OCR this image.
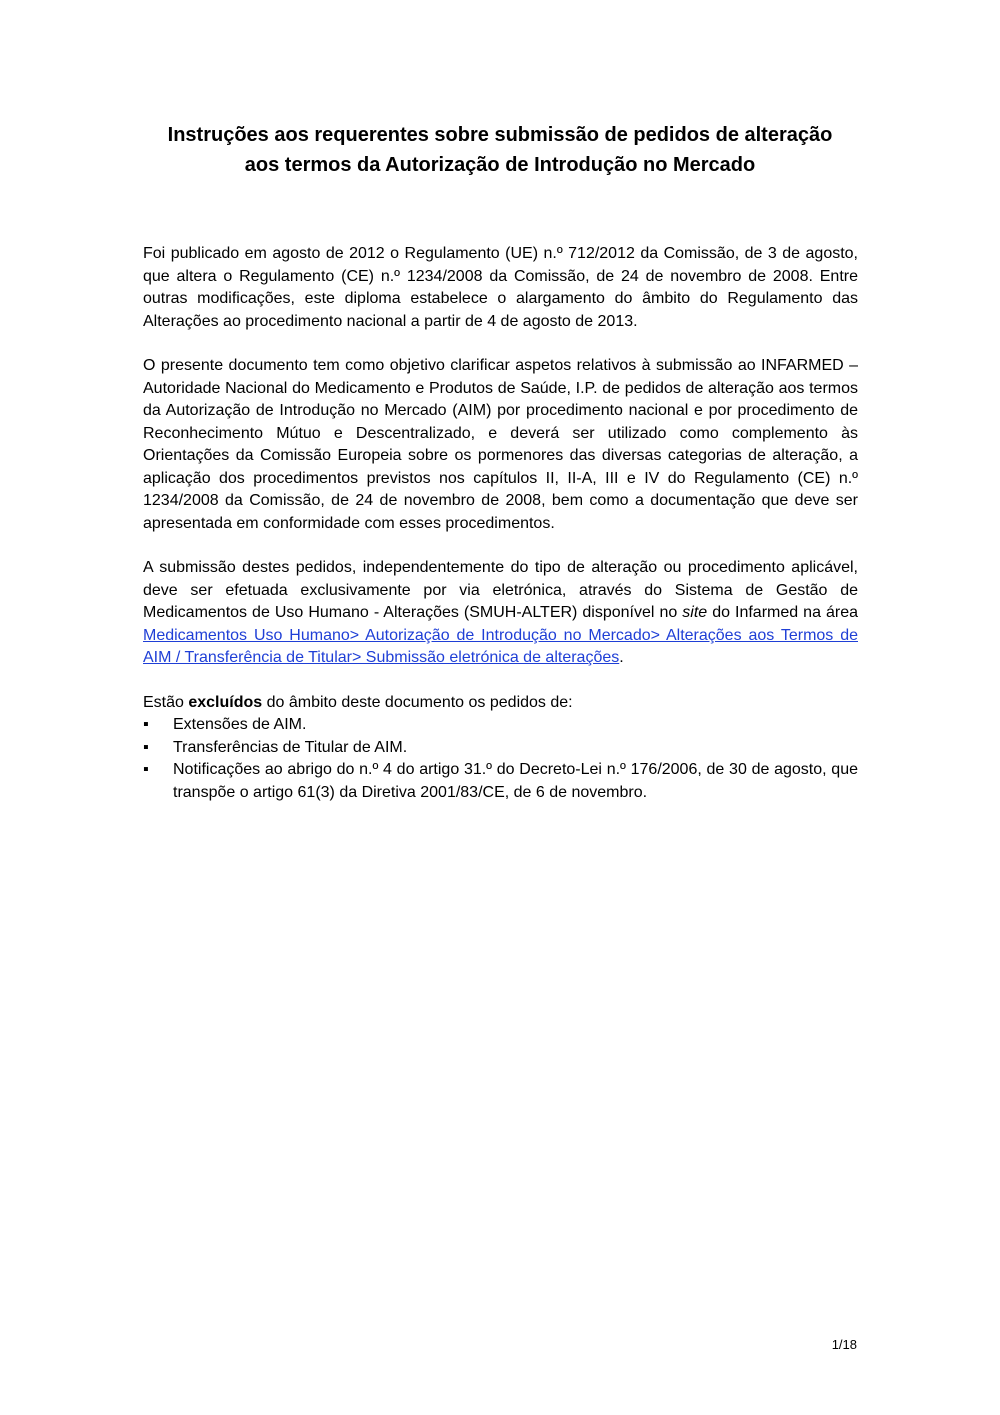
Instruções aos requerentes sobre submissão de pedidos de alteração
aos termos da Autorização de Introdução no Mercado

Foi publicado em agosto de 2012 o Regulamento (UE) n.º 712/2012 da Comissão, de 3 de agosto, que altera o Regulamento (CE) n.º 1234/2008 da Comissão, de 24 de novembro de 2008. Entre outras modificações, este diploma estabelece o alargamento do âmbito do Regulamento das Alterações ao procedimento nacional a partir de 4 de agosto de 2013.

O presente documento tem como objetivo clarificar aspetos relativos à submissão ao INFARMED – Autoridade Nacional do Medicamento e Produtos de Saúde, I.P. de pedidos de alteração aos termos da Autorização de Introdução no Mercado (AIM) por procedimento nacional e por procedimento de Reconhecimento Mútuo e Descentralizado, e deverá ser utilizado como complemento às Orientações da Comissão Europeia sobre os pormenores das diversas categorias de alteração, a aplicação dos procedimentos previstos nos capítulos II, II-A, III e IV do Regulamento (CE) n.º 1234/2008 da Comissão, de 24 de novembro de 2008, bem como a documentação que deve ser apresentada em conformidade com esses procedimentos.

A submissão destes pedidos, independentemente do tipo de alteração ou procedimento aplicável, deve ser efetuada exclusivamente por via eletrónica, através do Sistema de Gestão de Medicamentos de Uso Humano - Alterações (SMUH-ALTER) disponível no site do Infarmed na área Medicamentos Uso Humano> Autorização de Introdução no Mercado> Alterações aos Termos de AIM / Transferência de Titular> Submissão eletrónica de alterações.

Estão excluídos do âmbito deste documento os pedidos de:

▪	Extensões de AIM.
▪	Transferências de Titular de AIM.
▪	Notificações ao abrigo do n.º 4 do artigo 31.º do Decreto-Lei n.º 176/2006, de 30 de agosto, que transpõe o artigo 61(3) da Diretiva 2001/83/CE, de 6 de novembro.
1/18
